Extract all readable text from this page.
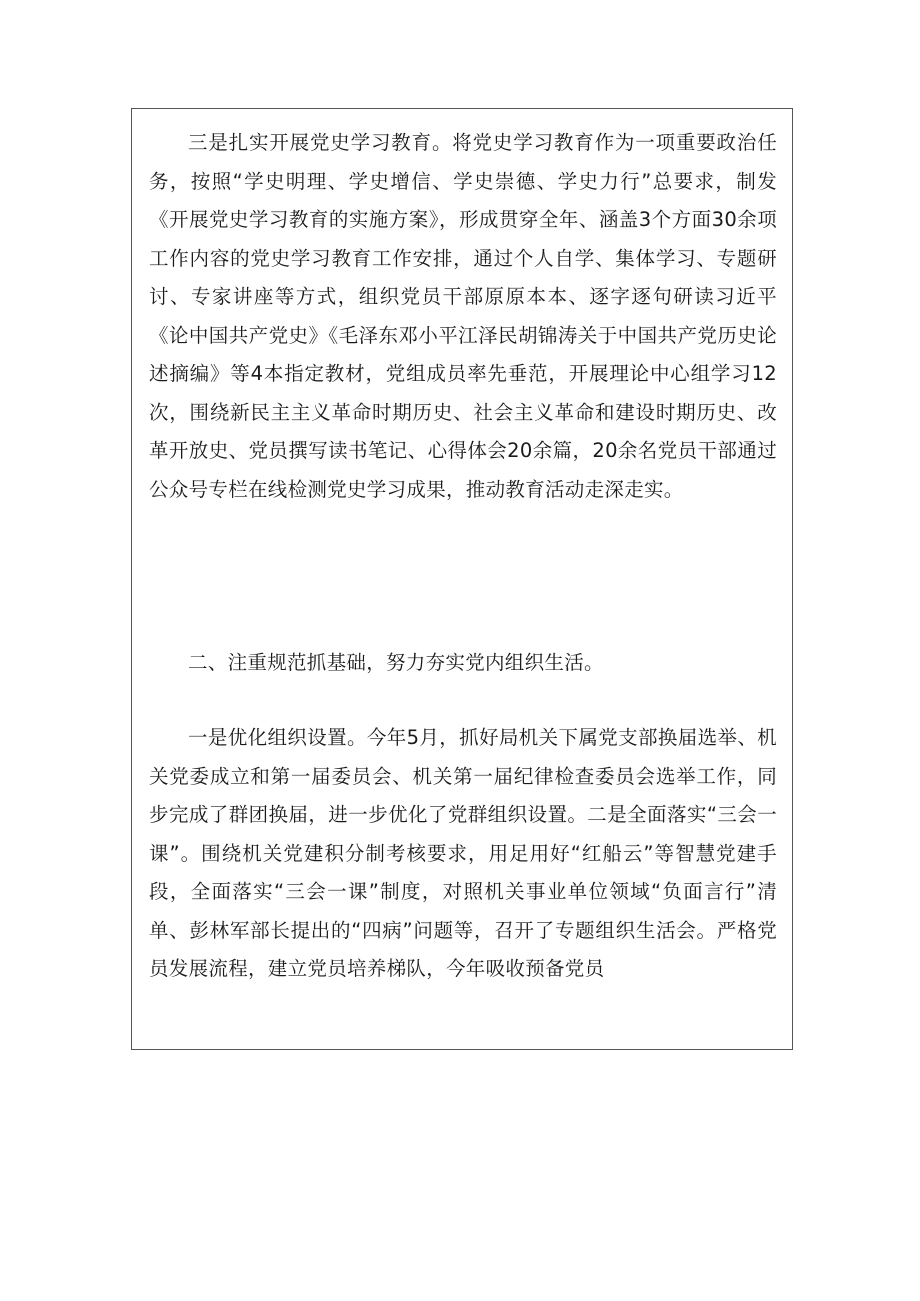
三是扎实开展党史学习教育。将党史学习教育作为一项重要政治任务，按照“学史明理、学史增信、学史崇德、学史力行”总要求，制发《开展党史学习教育的实施方案》，形成贯穿全年、涵盖3个方面30余项工作内容的党史学习教育工作安排，通过个人自学、集体学习、专题研讨、专家讲座等方式，组织党员干部原原本本、逐字逐句研读习近平《论中国共产党史》《毛泽东邓小平江泽民胡锦涛关于中国共产党历史论述摘编》等4本指定教材，党组成员率先垂范，开展理论中心组学习12次，围绕新民主主义革命时期历史、社会主义革命和建设时期历史、改革开放史、党员撰写读书笔记、心得体会20余篇，20余名党员干部通过公众号专栏在线检测党史学习成果，推动教育活动走深走实。

二、注重规范抓基础，努力夯实党内组织生活。

一是优化组织设置。今年5月，抓好局机关下属党支部换届选举、机关党委成立和第一届委员会、机关第一届纪律检查委员会选举工作，同步完成了群团换届，进一步优化了党群组织设置。二是全面落实“三会一课”。围绕机关党建积分制考核要求，用足用好“红船云”等智慧党建手段，全面落实“三会一课”制度，对照机关事业单位领域“负面言行”清单、彭林军部长提出的“四病”问题等，召开了专题组织生活会。严格党员发展流程，建立党员培养梯队，今年吸收预备党员
